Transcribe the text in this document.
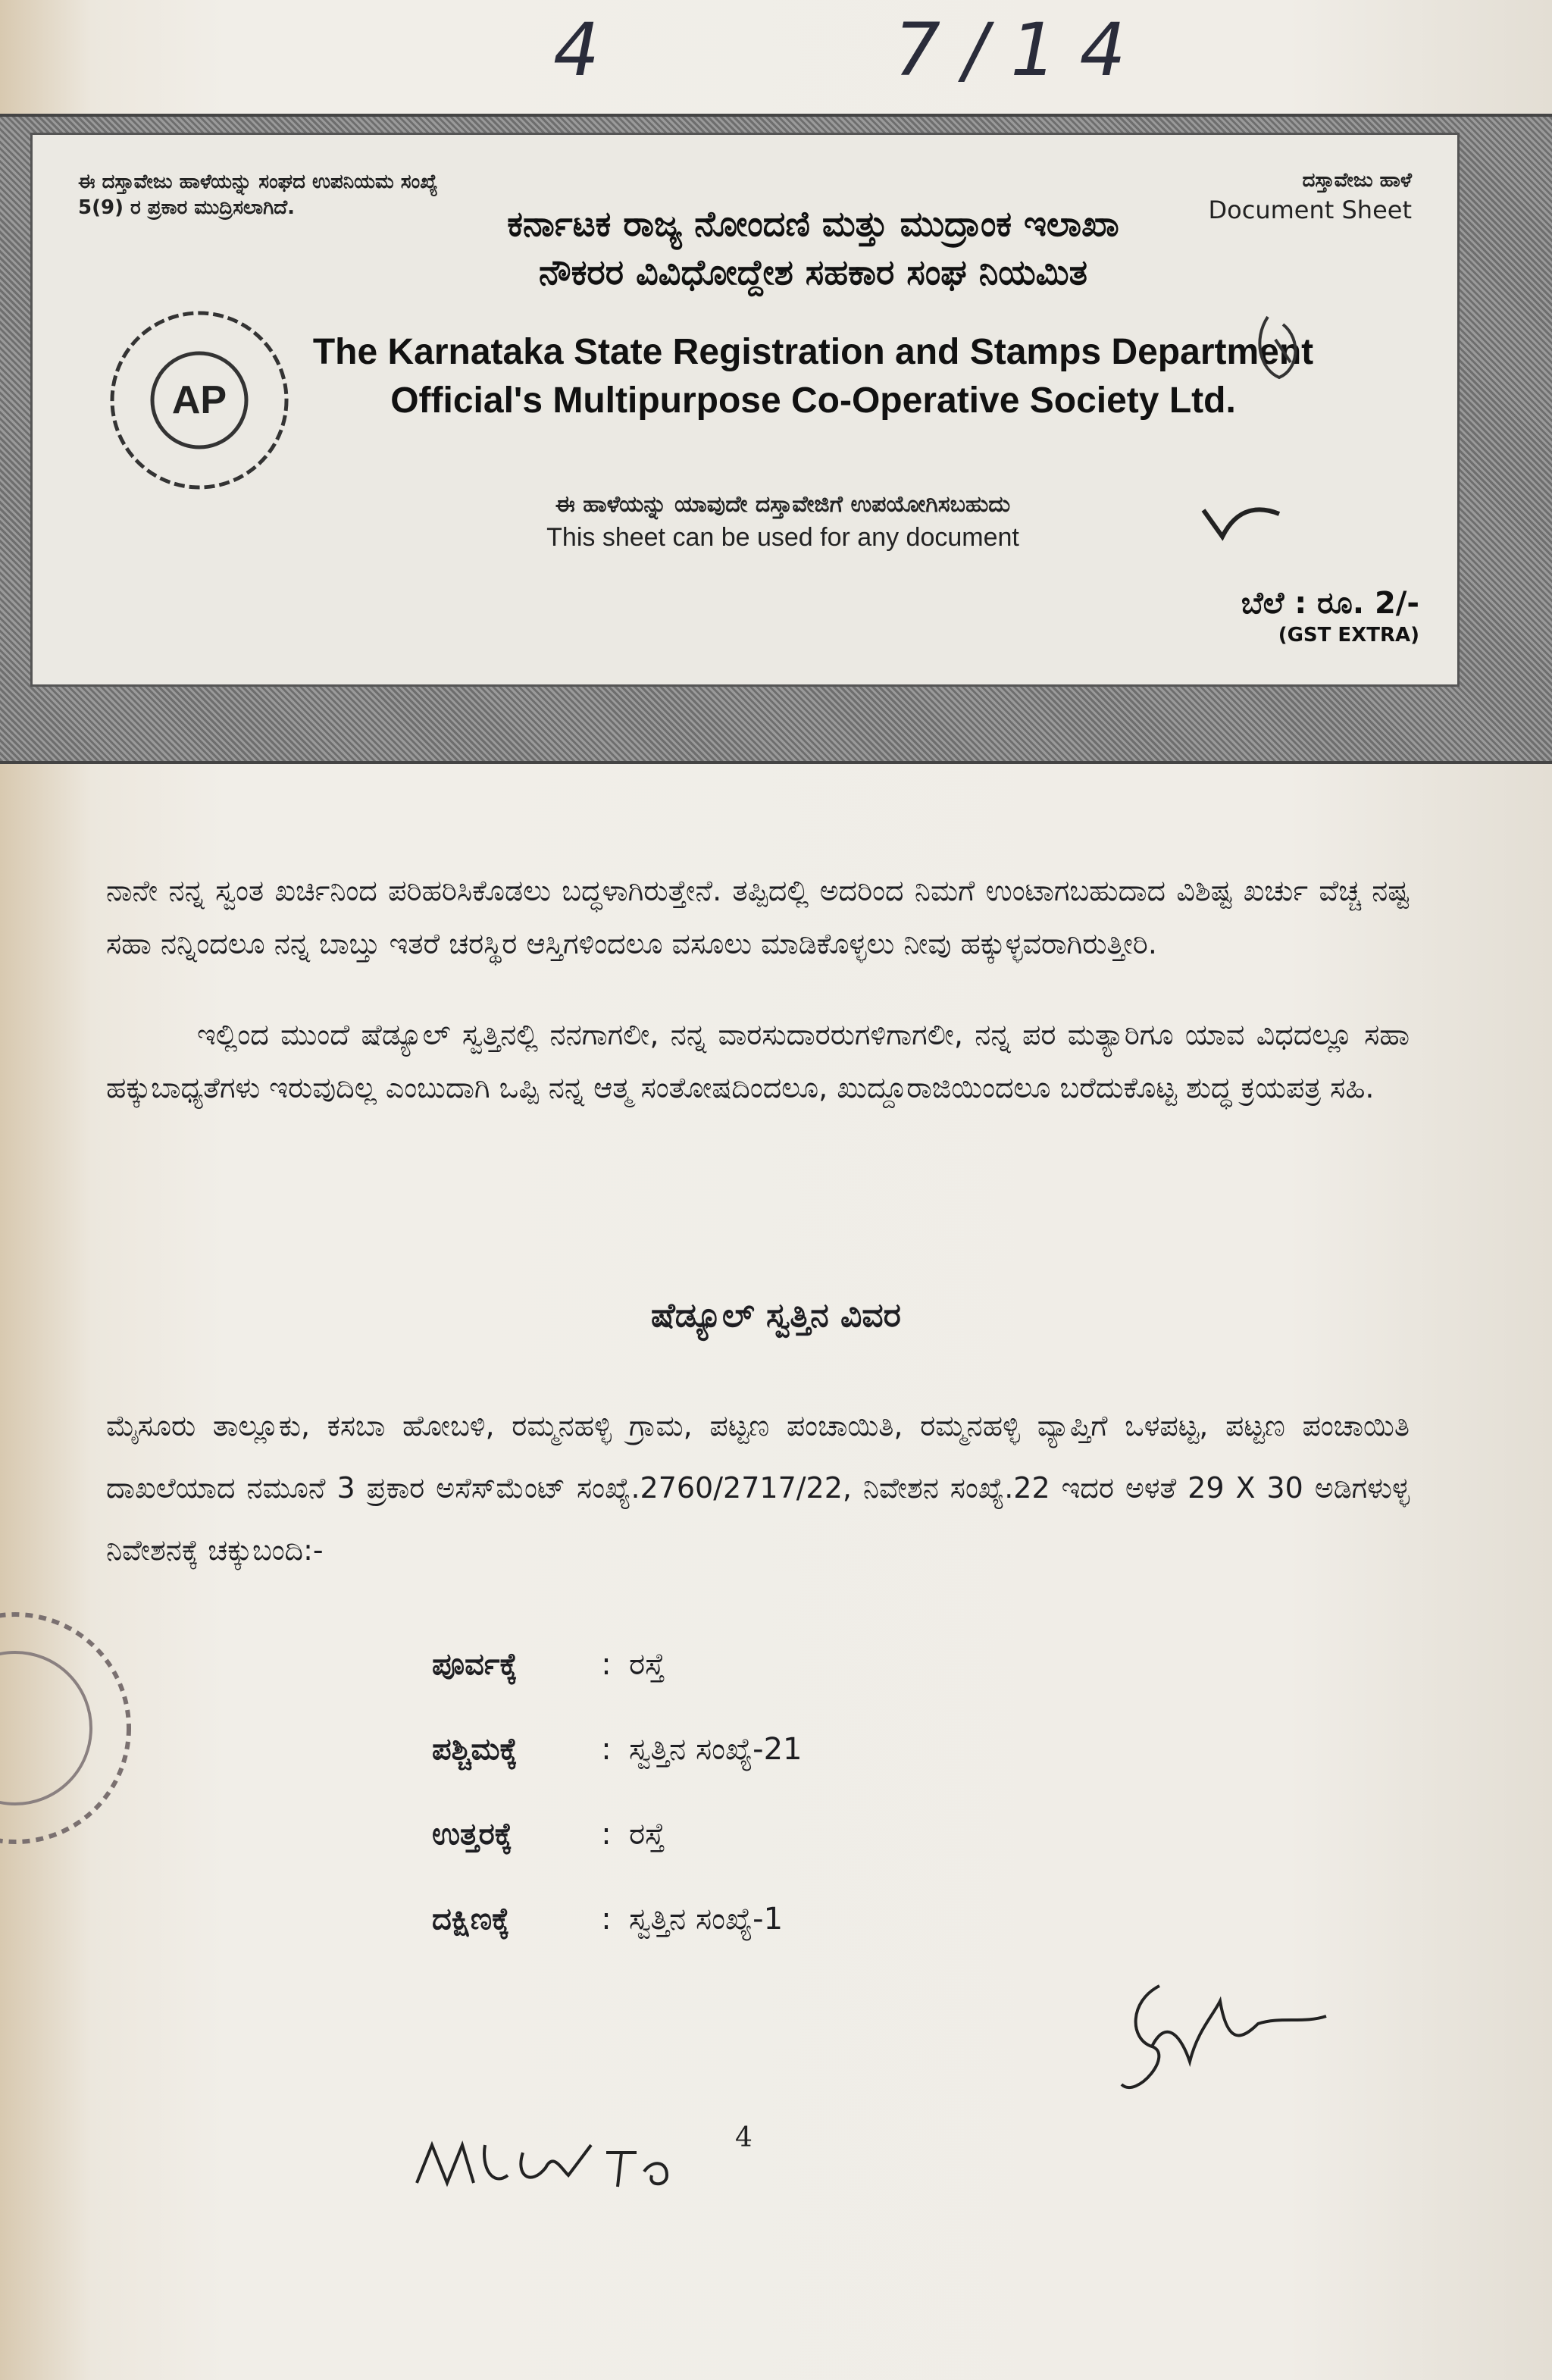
4	7/14
ಈ ದಸ್ತಾವೇಜು ಹಾಳೆಯನ್ನು ಸಂಘದ ಉಪನಿಯಮ ಸಂಖ್ಯೆ 5(9) ರ ಪ್ರಕಾರ ಮುದ್ರಿಸಲಾಗಿದೆ.
ದಸ್ತಾವೇಜು ಹಾಳೆ
Document Sheet
ಕರ್ನಾಟಕ ರಾಜ್ಯ ನೋಂದಣಿ ಮತ್ತು ಮುದ್ರಾಂಕ ಇಲಾಖಾ
ನೌಕರರ ವಿವಿಧೋದ್ದೇಶ ಸಹಕಾರ ಸಂಘ ನಿಯಮಿತ
The Karnataka State Registration and Stamps Department
Official's Multipurpose Co-Operative Society Ltd.
AP
ಈ ಹಾಳೆಯನ್ನು ಯಾವುದೇ ದಸ್ತಾವೇಜಿಗೆ ಉಪಯೋಗಿಸಬಹುದು
This sheet can be used for any document
ಬೆಲೆ : ರೂ. 2/-
(GST EXTRA)

ನಾನೇ ನನ್ನ ಸ್ವಂತ ಖರ್ಚಿನಿಂದ ಪರಿಹರಿಸಿಕೊಡಲು ಬದ್ಧಳಾಗಿರುತ್ತೇನೆ. ತಪ್ಪಿದಲ್ಲಿ ಅದರಿಂದ ನಿಮಗೆ ಉಂಟಾಗಬಹುದಾದ ವಿಶಿಷ್ಟ ಖರ್ಚು ವೆಚ್ಚ ನಷ್ಟ ಸಹಾ ನನ್ನಿಂದಲೂ ನನ್ನ ಬಾಬ್ತು ಇತರೆ ಚರಸ್ಥಿರ ಆಸ್ತಿಗಳಿಂದಲೂ ವಸೂಲು ಮಾಡಿಕೊಳ್ಳಲು ನೀವು ಹಕ್ಕುಳ್ಳವರಾಗಿರುತ್ತೀರಿ.

ಇಲ್ಲಿಂದ ಮುಂದೆ ಷೆಡ್ಯೂಲ್ ಸ್ವತ್ತಿನಲ್ಲಿ ನನಗಾಗಲೀ, ನನ್ನ ವಾರಸುದಾರರುಗಳಿಗಾಗಲೀ, ನನ್ನ ಪರ ಮತ್ಯಾರಿಗೂ ಯಾವ ವಿಧದಲ್ಲೂ ಸಹಾ ಹಕ್ಕುಬಾಧ್ಯತೆಗಳು ಇರುವುದಿಲ್ಲ ಎಂಬುದಾಗಿ ಒಪ್ಪಿ ನನ್ನ ಆತ್ಮ ಸಂತೋಷದಿಂದಲೂ, ಖುದ್ದೂರಾಜಿಯಿಂದಲೂ ಬರೆದುಕೊಟ್ಟ ಶುದ್ಧ ಕ್ರಯಪತ್ರ ಸಹಿ.

ಷೆಡ್ಯೂಲ್ ಸ್ವತ್ತಿನ ವಿವರ
ಮೈಸೂರು ತಾಲ್ಲೂಕು, ಕಸಬಾ ಹೋಬಳಿ, ರಮ್ಮನಹಳ್ಳಿ ಗ್ರಾಮ, ಪಟ್ಟಣ ಪಂಚಾಯಿತಿ, ರಮ್ಮನಹಳ್ಳಿ ವ್ಯಾಪ್ತಿಗೆ ಒಳಪಟ್ಟ, ಪಟ್ಟಣ ಪಂಚಾಯಿತಿ ದಾಖಲೆಯಾದ ನಮೂನೆ 3 ಪ್ರಕಾರ ಅಸೆಸ್‌ಮೆಂಟ್ ಸಂಖ್ಯೆ.2760/2717/22, ನಿವೇಶನ ಸಂಖ್ಯೆ.22 ಇದರ ಅಳತೆ 29 X 30 ಅಡಿಗಳುಳ್ಳ ನಿವೇಶನಕ್ಕೆ ಚಕ್ಕುಬಂದಿ:-
ಪೂರ್ವಕ್ಕೆ	: ರಸ್ತೆ
ಪಶ್ಚಿಮಕ್ಕೆ	: ಸ್ವತ್ತಿನ ಸಂಖ್ಯೆ-21
ಉತ್ತರಕ್ಕೆ	: ರಸ್ತೆ
ದಕ್ಷಿಣಕ್ಕೆ	: ಸ್ವತ್ತಿನ ಸಂಖ್ಯೆ-1
4
